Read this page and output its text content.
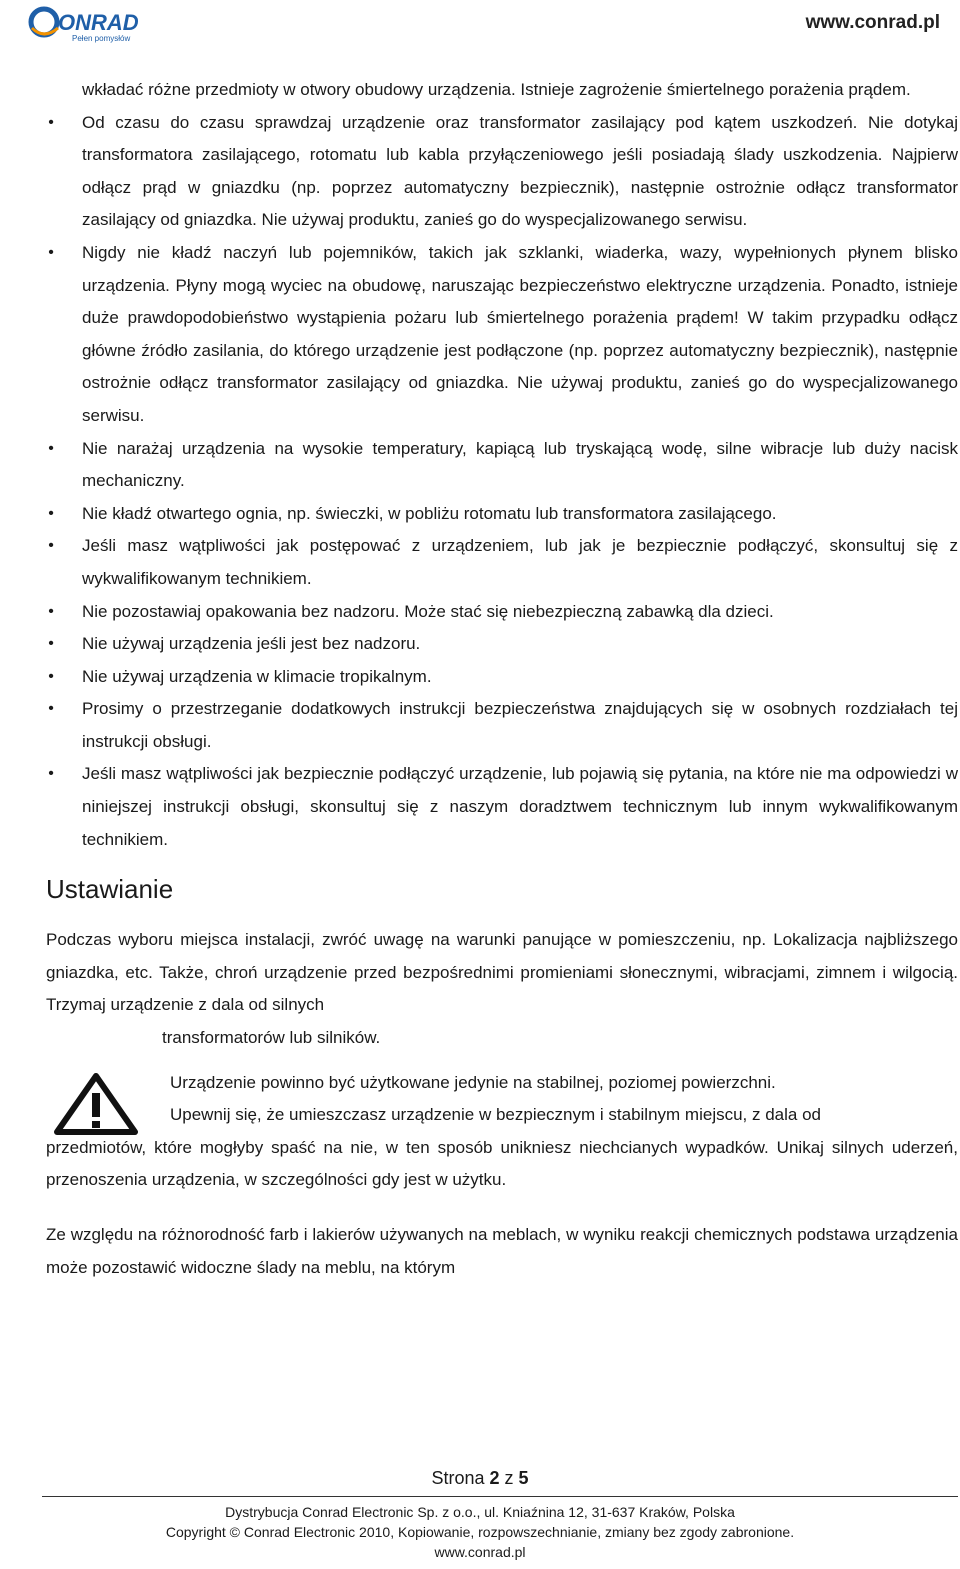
ONRAD
Pełen pomysłów
www.conrad.pl
wkładać różne przedmioty w otwory obudowy urządzenia. Istnieje zagrożenie śmiertelnego porażenia prądem.
•
Od czasu do czasu sprawdzaj urządzenie oraz transformator zasilający pod kątem uszkodzeń. Nie dotykaj transformatora zasilającego, rotomatu lub kabla przyłączeniowego jeśli posiadają ślady uszkodzenia. Najpierw odłącz prąd w gniazdku (np. poprzez automatyczny bezpiecznik), następnie ostrożnie odłącz transformator zasilający od gniazdka. Nie używaj produktu, zanieś go do wyspecjalizowanego serwisu.
•
Nigdy nie kładź naczyń lub pojemników, takich jak szklanki, wiaderka, wazy, wypełnionych płynem blisko urządzenia. Płyny mogą wyciec na obudowę, naruszając bezpieczeństwo elektryczne urządzenia. Ponadto, istnieje duże prawdopodobieństwo wystąpienia pożaru lub śmiertelnego porażenia prądem! W takim przypadku odłącz główne źródło zasilania, do którego urządzenie jest podłączone (np. poprzez automatyczny bezpiecznik), następnie ostrożnie odłącz transformator zasilający od gniazdka. Nie używaj produktu, zanieś go do wyspecjalizowanego serwisu.
•
Nie narażaj urządzenia na wysokie temperatury, kapiącą lub tryskającą wodę, silne wibracje lub duży nacisk mechaniczny.
•
Nie kładź otwartego ognia, np. świeczki, w pobliżu rotomatu lub transformatora zasilającego.
•
Jeśli masz wątpliwości jak postępować z urządzeniem, lub jak je bezpiecznie podłączyć, skonsultuj się z wykwalifikowanym technikiem.
•
Nie pozostawiaj opakowania bez nadzoru. Może stać się niebezpieczną zabawką dla dzieci.
•
Nie używaj urządzenia jeśli jest bez nadzoru.
•
Nie używaj urządzenia w klimacie tropikalnym.
•
Prosimy o przestrzeganie dodatkowych instrukcji bezpieczeństwa znajdujących się w osobnych rozdziałach tej instrukcji obsługi.
•
Jeśli masz wątpliwości jak bezpiecznie podłączyć urządzenie, lub pojawią się pytania, na które nie ma odpowiedzi w niniejszej instrukcji obsługi, skonsultuj się z naszym doradztwem technicznym lub innym wykwalifikowanym technikiem.
Ustawianie

Podczas wyboru miejsca instalacji, zwróć uwagę na warunki panujące w pomieszczeniu, np. Lokalizacja najbliższego gniazdka, etc. Także, chroń urządzenie przed bezpośrednimi promieniami słonecznymi, wibracjami, zimnem i wilgocią. Trzymaj urządzenie z dala od silnych

transformatorów lub silników.

Urządzenie powinno być użytkowane jedynie na stabilnej, poziomej powierzchni.
Upewnij się, że umieszczasz urządzenie w bezpiecznym i stabilnym miejscu, z dala od
przedmiotów, które mogłyby spaść na nie, w ten sposób unikniesz niechcianych wypadków. Unikaj silnych uderzeń, przenoszenia urządzenia, w szczególności gdy jest w użytku.

Ze względu na różnorodność farb i lakierów używanych na meblach, w wyniku reakcji chemicznych podstawa urządzenia może pozostawić widoczne ślady na meblu, na którym

Strona 2 z 5
Dystrybucja Conrad Electronic Sp. z o.o., ul. Kniaźnina 12, 31-637 Kraków, Polska
Copyright © Conrad Electronic 2010, Kopiowanie, rozpowszechnianie, zmiany bez zgody zabronione.
www.conrad.pl
